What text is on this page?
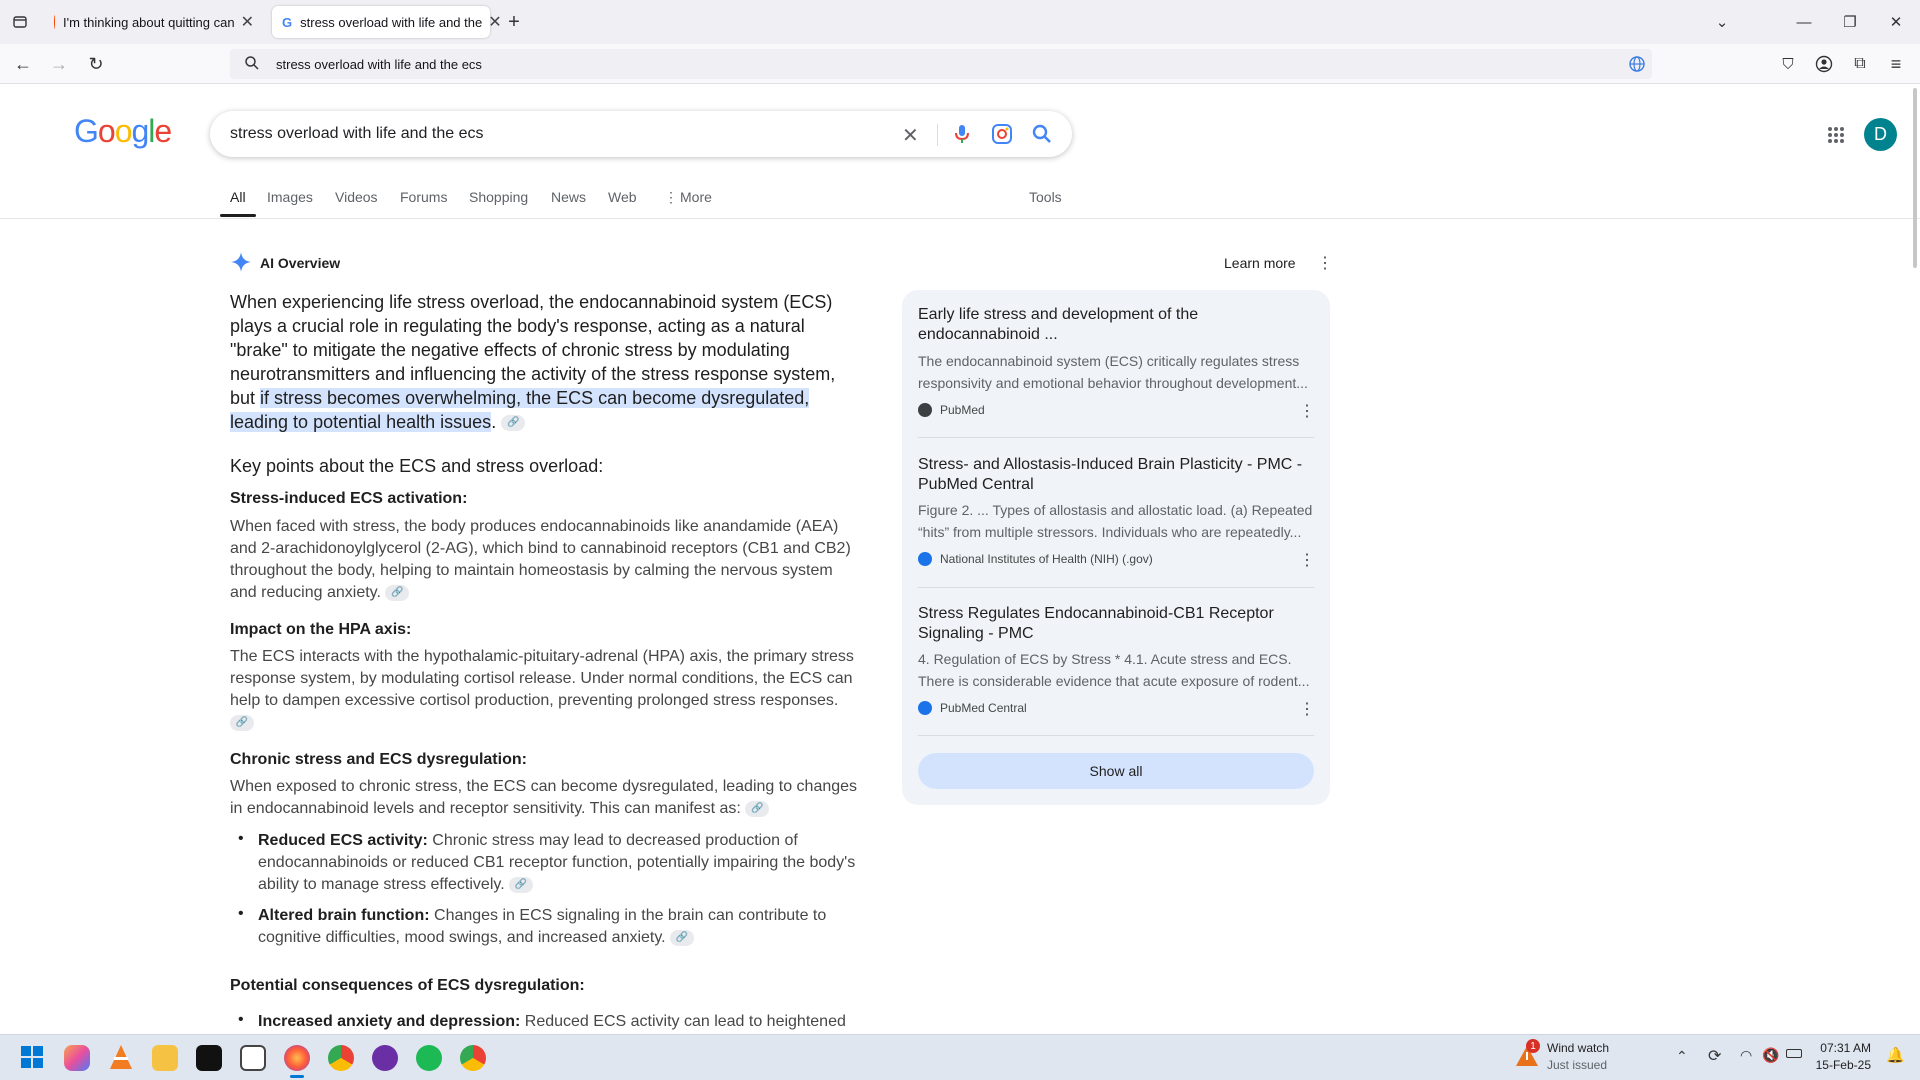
I'm thinking about quitting can ✕ G stress overload with life and the ✕ +	⌄	—	❐	✕
← → ↻	stress overload with life and the ecs	⛉	⧉	≡
Google	stress overload with life and the ecs	✕	D
All Images Videos Forums Shopping News Web ⋮ More	Tools
AI Overview	Learn more ⋮
When experiencing life stress overload, the endocannabinoid system (ECS) plays a crucial role in regulating the body's response, acting as a natural "brake" to mitigate the negative effects of chronic stress by modulating neurotransmitters and influencing the activity of the stress response system, but if stress becomes overwhelming, the ECS can become dysregulated, leading to potential health issues. 🔗
Key points about the ECS and stress overload:
Stress-induced ECS activation:
When faced with stress, the body produces endocannabinoids like anandamide (AEA) and 2-arachidonoylglycerol (2-AG), which bind to cannabinoid receptors (CB1 and CB2) throughout the body, helping to maintain homeostasis by calming the nervous system and reducing anxiety. 🔗
Impact on the HPA axis:
The ECS interacts with the hypothalamic-pituitary-adrenal (HPA) axis, the primary stress response system, by modulating cortisol release. Under normal conditions, the ECS can help to dampen excessive cortisol production, preventing prolonged stress responses. 🔗
Chronic stress and ECS dysregulation:
When exposed to chronic stress, the ECS can become dysregulated, leading to changes in endocannabinoid levels and receptor sensitivity. This can manifest as: 🔗
• Reduced ECS activity: Chronic stress may lead to decreased production of endocannabinoids or reduced CB1 receptor function, potentially impairing the body's ability to manage stress effectively. 🔗
• Altered brain function: Changes in ECS signaling in the brain can contribute to cognitive difficulties, mood swings, and increased anxiety. 🔗
Potential consequences of ECS dysregulation:
• Increased anxiety and depression: Reduced ECS activity can lead to heightened
Early life stress and development of the endocannabinoid ...
The endocannabinoid system (ECS) critically regulates stress responsivity and emotional behavior throughout development...
PubMed	⋮
Stress- and Allostasis-Induced Brain Plasticity - PMC - PubMed Central
Figure 2. ... Types of allostasis and allostatic load. (a) Repeated “hits” from multiple stressors. Individuals who are repeatedly...
National Institutes of Health (NIH) (.gov)	⋮
Stress Regulates Endocannabinoid-CB1 Receptor Signaling - PMC
4. Regulation of ECS by Stress * 4.1. Acute stress and ECS. There is considerable evidence that acute exposure of rodent...
PubMed Central	⋮
Show all
1 Wind watch
Just issued
⌃ ⟳ ◠ 🔇	07:31 AM
15-Feb-25
🔔
